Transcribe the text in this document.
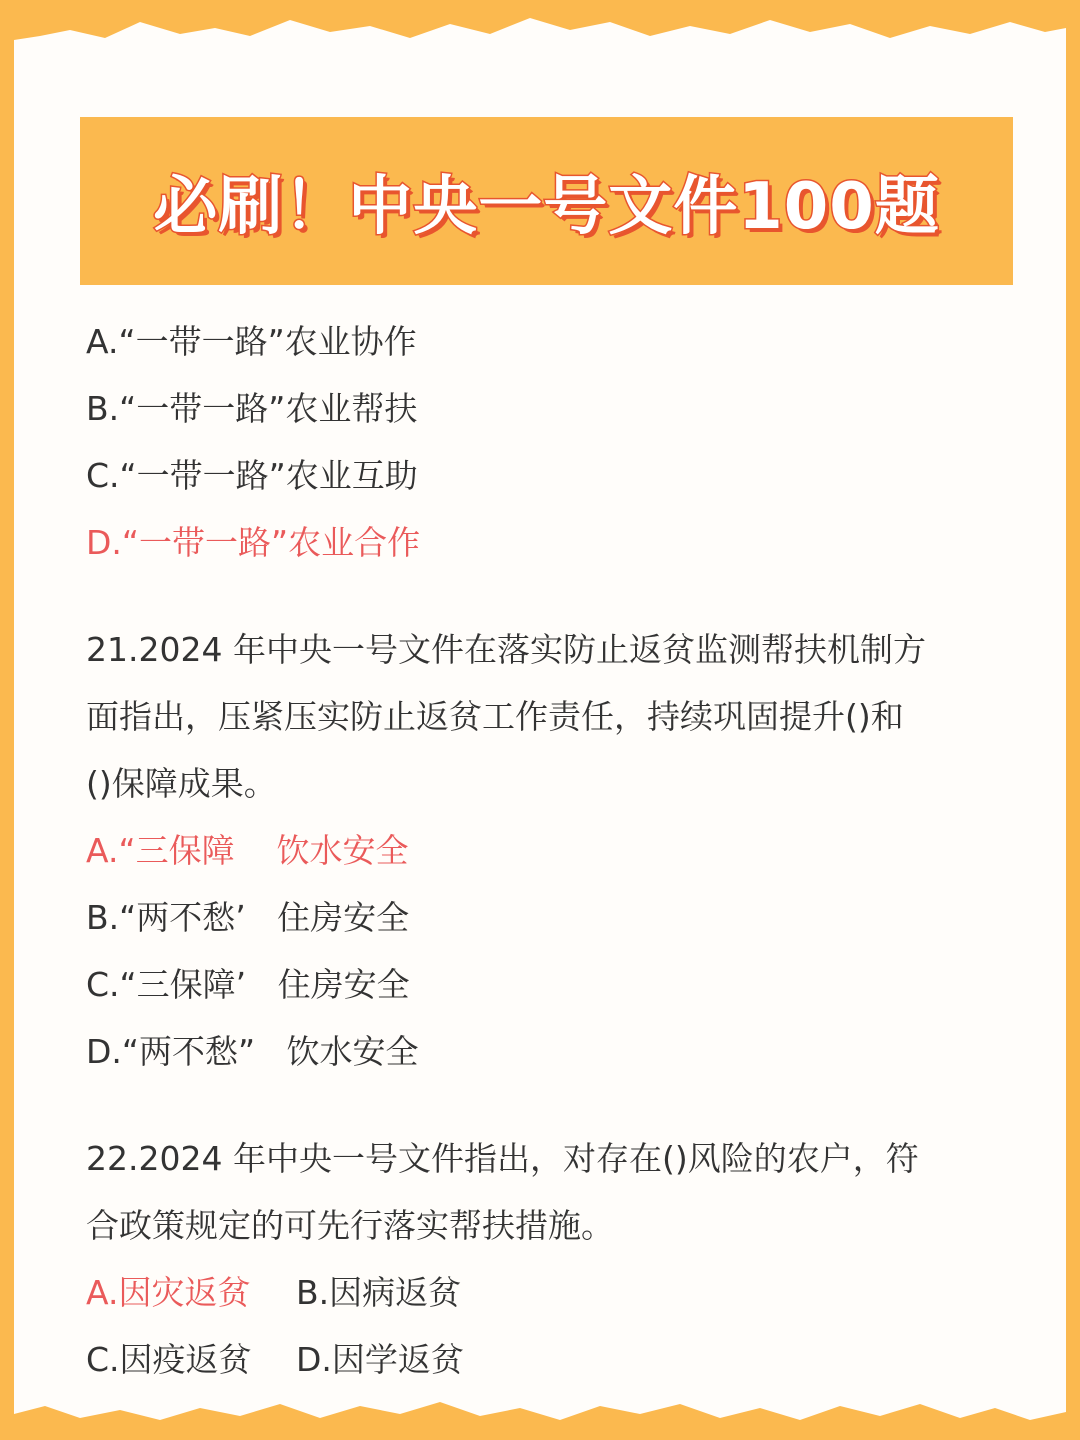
必刷！中央一号文件100题
A.“一带一路”农业协作
B.“一带一路”农业帮扶
C.“一带一路”农业互助
D.“一带一路”农业合作
21.2024 年中央一号文件在落实防止返贫监测帮扶机制方
面指出，压紧压实防止返贫工作责任，持续巩固提升()和
()保障成果。
A.“三保障    饮水安全
B.“两不愁’   住房安全
C.“三保障’   住房安全
D.“两不愁”   饮水安全
22.2024 年中央一号文件指出，对存在()风险的农户，符
合政策规定的可先行落实帮扶措施。
A.因灾返贫 B.因病返贫
C.因疫返贫 D.因学返贫
